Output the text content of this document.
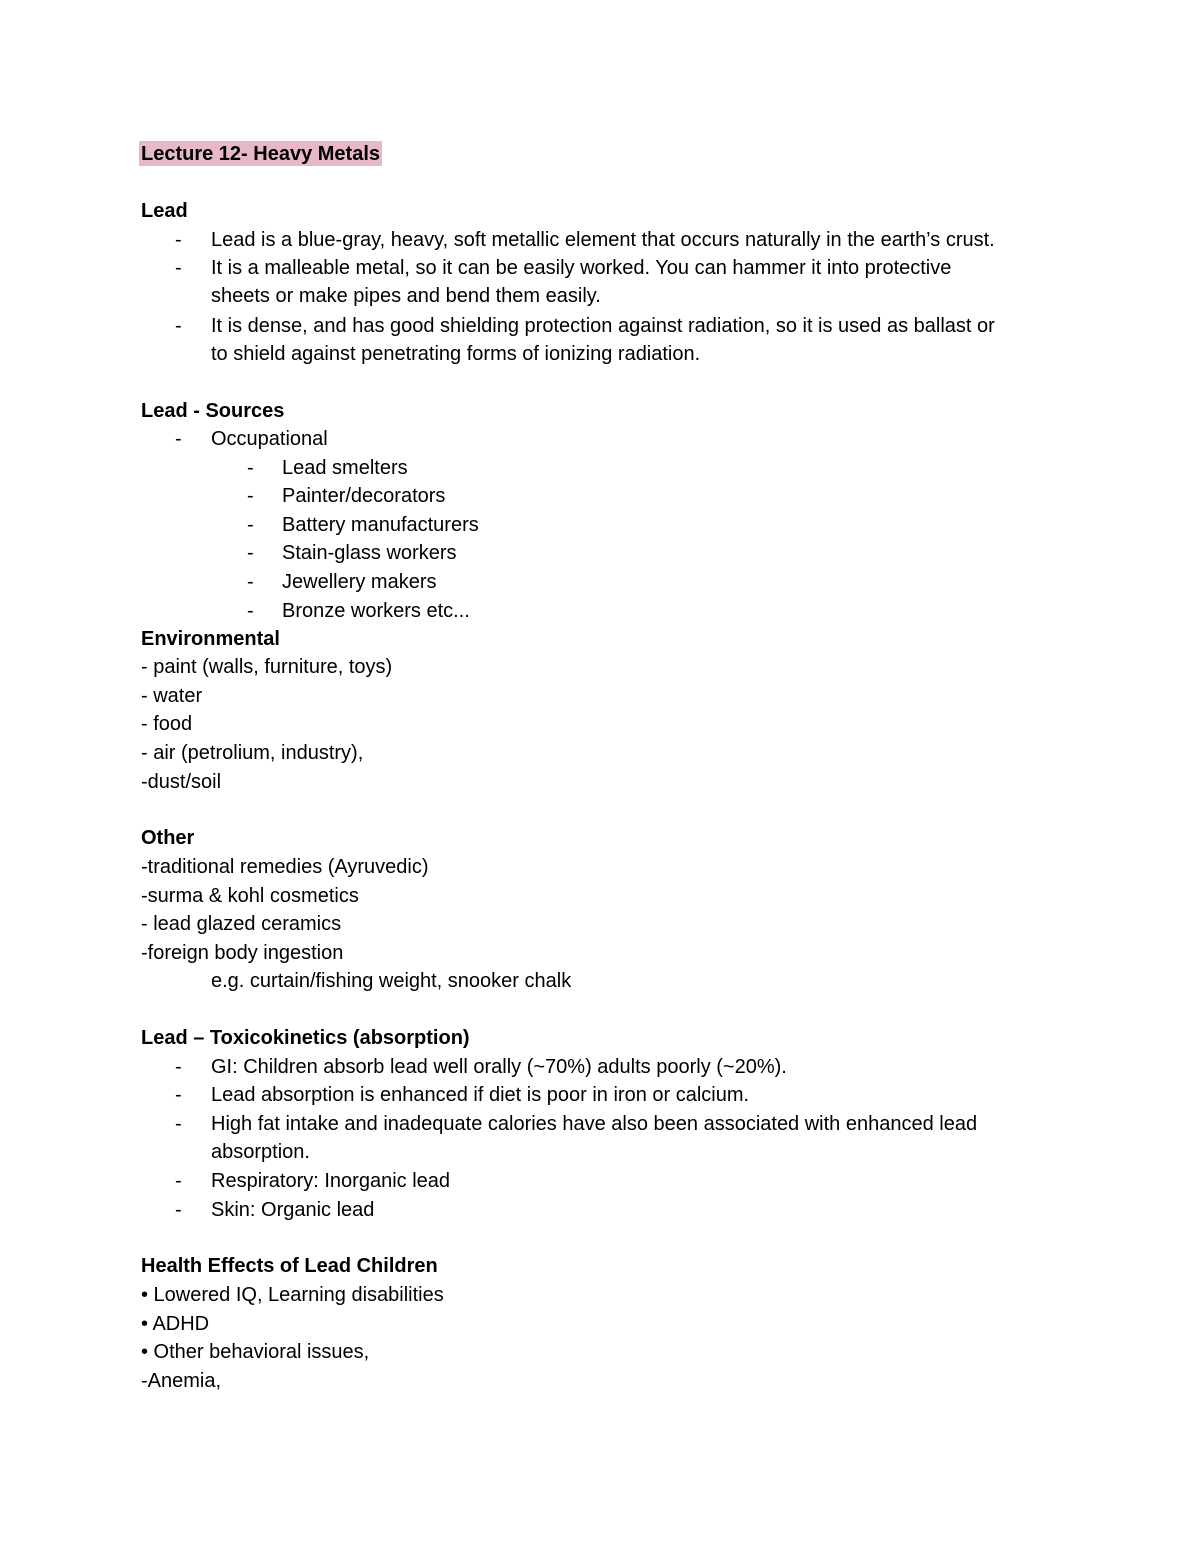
Lecture 12- Heavy Metals
Lead
- Lead is a blue-gray, heavy, soft metallic element that occurs naturally in the earth’s crust.
- It is a malleable metal, so it can be easily worked. You can hammer it into protective
sheets or make pipes and bend them easily.
- It is dense, and has good shielding protection against radiation, so it is used as ballast or
to shield against penetrating forms of ionizing radiation.
Lead - Sources
- Occupational
- Lead smelters
- Painter/decorators
- Battery manufacturers
- Stain-glass workers
- Jewellery makers
- Bronze workers etc...
Environmental
- paint (walls, furniture, toys)
- water
- food
- air (petrolium, industry),
-dust/soil
Other
-traditional remedies (Ayruvedic)
-surma & kohl cosmetics
- lead glazed ceramics
-foreign body ingestion
e.g. curtain/fishing weight, snooker chalk
Lead – Toxicokinetics (absorption)
- GI: Children absorb lead well orally (~70%) adults poorly (~20%).
- Lead absorption is enhanced if diet is poor in iron or calcium.
- High fat intake and inadequate calories have also been associated with enhanced lead
absorption.
- Respiratory: Inorganic lead
- Skin: Organic lead
Health Effects of Lead Children
• Lowered IQ, Learning disabilities
• ADHD
• Other behavioral issues,
-Anemia,
